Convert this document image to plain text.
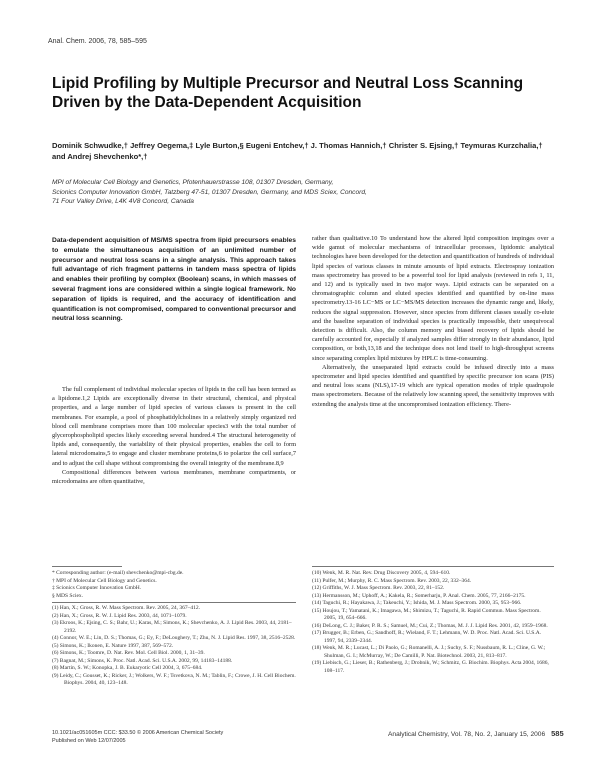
Anal. Chem. 2006, 78, 585–595
Lipid Profiling by Multiple Precursor and Neutral Loss Scanning Driven by the Data-Dependent Acquisition
Dominik Schwudke,† Jeffrey Oegema,‡ Lyle Burton,§ Eugeni Entchev,† J. Thomas Hannich,† Christer S. Ejsing,† Teymuras Kurzchalia,† and Andrej Shevchenko*,†
MPI of Molecular Cell Biology and Genetics, Pfotenhauerstrasse 108, 01307 Dresden, Germany,
Scionics Computer Innovation GmbH, Tatzberg 47-51, 01307 Dresden, Germany, and MDS Sciex, Concord,
71 Four Valley Drive, L4K 4V8 Concord, Canada
Data-dependent acquisition of MS/MS spectra from lipid precursors enables to emulate the simultaneous acquisition of an unlimited number of precursor and neutral loss scans in a single analysis. This approach takes full advantage of rich fragment patterns in tandem mass spectra of lipids and enables their profiling by complex (Boolean) scans, in which masses of several fragment ions are considered within a single logical framework. No separation of lipids is required, and the accuracy of identification and quantification is not compromised, compared to conventional precursor and neutral loss scanning.

The full complement of individual molecular species of lipids in the cell has been termed as a lipidome.1,2 Lipids are exceptionally diverse in their structural, chemical, and physical properties, and a large number of lipid species of various classes is present in the cell membranes. For example, a pool of phosphatidylcholines in a relatively simply organized red blood cell membrane comprises more than 100 molecular species3 with the total number of glycerophospholipid species likely exceeding several hundred.4 The structural heterogeneity of lipids and, consequently, the variability of their physical properties, enables the cell to form lateral microdomains,5 to engage and cluster membrane proteins,6 to polarize the cell surface,7 and to adjust the cell shape without compromising the overall integrity of the membrane.8,9

Compositional differences between various membranes, membrane compartments, or microdomains are often quantitative,

rather than qualitative.10 To understand how the altered lipid composition impinges over a wide gamut of molecular mechanisms of intracellular processes, lipidomic analytical technologies have been developed for the detection and quantification of hundreds of individual lipid species of various classes in minute amounts of lipid extracts. Electrospray ionization mass spectrometry has proved to be a powerful tool for lipid analysis (reviewed in refs 1, 11, and 12) and is typically used in two major ways. Lipid extracts can be separated on a chromatographic column and eluted species identified and quantified by on-line mass spectrometry.13-16 LC−MS or LC−MS/MS detection increases the dynamic range and, likely, reduces the signal suppression. However, since species from different classes usually co-elute and the baseline separation of individual species is practically impossible, their unequivocal detection is difficult. Also, the column memory and biased recovery of lipids should be carefully accounted for, especially if analyzed samples differ strongly in their abundance, lipid composition, or both,13,18 and the technique does not lend itself to high-throughput screens since separating complex lipid mixtures by HPLC is time-consuming.

Alternatively, the unseparated lipid extracts could be infused directly into a mass spectrometer and lipid species identified and quantified by specific precursor ion scans (PIS) and neutral loss scans (NLS),17-19 which are typical operation modes of triple quadrupole mass spectrometers. Because of the relatively low scanning speed, the sensitivity improves with extending the analysis time at the uncompromised ionization efficiency. There-

* Corresponding author: (e-mail) shevchenko@mpi-cbg.de.
† MPI of Molecular Cell Biology and Genetics.
‡ Scionics Computer Innovation GmbH.
§ MDS Sciex.
(1) Han, X.; Gross, R. W. Mass Spectrom. Rev. 2005, 24, 367–412.
(2) Han, X.; Gross, R. W. J. Lipid Res. 2003, 44, 1071–1079.
(3) Ekroos, K.; Ejsing, C. S.; Bahr, U.; Karas, M.; Simons, K.; Shevchenko, A. J. Lipid Res. 2003, 44, 2181–2192.
(4) Connor, W. E.; Lin, D. S.; Thomas, G.; Ey, F.; DeLoughery, T.; Zhu, N. J. Lipid Res. 1997, 38, 2516–2528.
(5) Simons, K.; Ikonen, E. Nature 1997, 387, 569–572.
(6) Simons, K.; Toomre, D. Nat. Rev. Mol. Cell Biol. 2000, 1, 31–39.
(7) Bagnat, M.; Simons, K. Proc. Natl. Acad. Sci. U.S.A. 2002, 99, 14183–14188.
(8) Martin, S. W.; Konopka, J. B. Eukaryotic Cell 2004, 3, 675–684.
(9) Leidy, C.; Gousset, K.; Ricker, J.; Wolkers, W. F.; Tsvetkova, N. M.; Tablin, F.; Crowe, J. H. Cell Biochem. Biophys. 2004, 40, 123–148.
(10) Wenk, M. R. Nat. Rev. Drug Discovery 2005, 4, 594–610.
(11) Pulfer, M.; Murphy, R. C. Mass Spectrom. Rev. 2003, 22, 332–364.
(12) Griffiths, W. J. Mass Spectrom. Rev. 2003, 22, 81–152.
(13) Hermansson, M.; Uphoff, A.; Kakela, R.; Somerharju, P. Anal. Chem. 2005, 77, 2166–2175.
(14) Taguchi, R.; Hayakawa, J.; Takeuchi, Y.; Ishida, M. J. Mass Spectrom. 2000, 35, 953–966.
(15) Houjou, T.; Yamatani, K.; Imagawa, M.; Shimizu, T.; Taguchi, R. Rapid Commun. Mass Spectrom. 2005, 19, 654–666.
(16) DeLong, C. J.; Baker, P. R. S.; Samuel, M.; Cui, Z.; Thomas, M. J. J. Lipid Res. 2001, 42, 1959–1968.
(17) Brugger, B.; Erben, G.; Sandhoff, R.; Wieland, F. T.; Lehmann, W. D. Proc. Natl. Acad. Sci. U.S.A. 1997, 94, 2339–2344.
(18) Wenk, M. R.; Lucast, L.; Di Paolo, G.; Romanelli, A. J.; Suchy, S. F.; Nussbaum, R. L.; Cline, G. W.; Shulman, G. I.; McMurray, W.; De Camilli, P. Nat. Biotechnol. 2003, 21, 813–817.
(19) Liebisch, G.; Lieser, B.; Rathenberg, J.; Drobnik, W.; Schmitz, G. Biochim. Biophys. Acta 2004, 1686, 108–117.
10.1021/ac051605m CCC: $33.50 © 2006 American Chemical Society
Published on Web 12/07/2005
Analytical Chemistry, Vol. 78, No. 2, January 15, 2006 585
